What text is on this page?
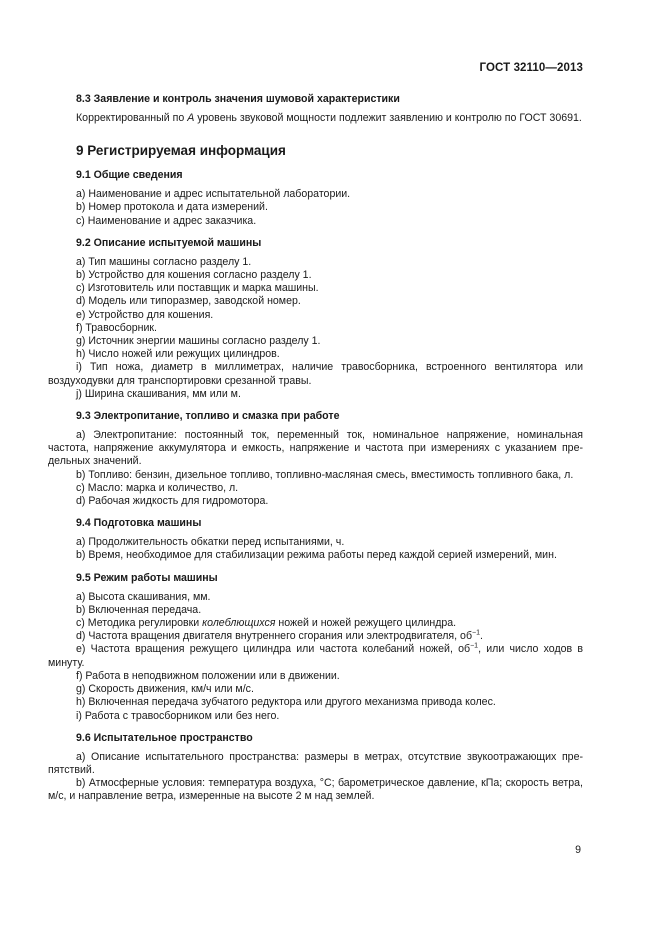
ГОСТ 32110—2013
8.3 Заявление и контроль значения шумовой характеристики

Корректированный по А уровень звуковой мощности подлежит заявлению и контролю по ГОСТ 30691.

9 Регистрируемая информация
9.1 Общие сведения

a) Наименование и адрес испытательной лаборатории.

b) Номер протокола и дата измерений.

c) Наименование и адрес заказчика.

9.2 Описание испытуемой машины

a) Тип машины согласно разделу 1.

b) Устройство для кошения согласно разделу 1.

c) Изготовитель или поставщик и марка машины.

d) Модель или типоразмер, заводской номер.

e) Устройство для кошения.

f) Травосборник.

g) Источник энергии машины согласно разделу 1.

h) Число ножей или режущих цилиндров.

i) Тип ножа, диаметр в миллиметрах, наличие травосборника, встроенного вентилятора или воздуходувки для транспортировки срезанной травы.

j) Ширина скашивания, мм или м.

9.3 Электропитание, топливо и смазка при работе

a) Электропитание: постоянный ток, переменный ток, номинальное напряжение, номинальная частота, напряжение аккумулятора и емкость, напряжение и частота при измерениях с указанием предельных значений.

b) Топливо: бензин, дизельное топливо, топливно-масляная смесь, вместимость топливного бака, л.

c) Масло: марка и количество, л.

d) Рабочая жидкость для гидромотора.

9.4 Подготовка машины

a) Продолжительность обкатки перед испытаниями, ч.

b) Время, необходимое для стабилизации режима работы перед каждой серией измерений, мин.

9.5 Режим работы машины

a) Высота скашивания, мм.

b) Включенная передача.

c) Методика регулировки колеблющихся ножей и ножей режущего цилиндра.

d) Частота вращения двигателя внутреннего сгорания или электродвигателя, $об^{-1}$.

e) Частота вращения режущего цилиндра или частота колебаний ножей, $об^{-1}$, или число ходов в минуту.

f) Работа в неподвижном положении или в движении.

g) Скорость движения, км/ч или м/с.

h) Включенная передача зубчатого редуктора или другого механизма привода колес.

i) Работа с травосборником или без него.

9.6 Испытательное пространство

a) Описание испытательного пространства: размеры в метрах, отсутствие звукоотражающих препятствий.

b) Атмосферные условия: температура воздуха, °С; барометрическое давление, кПа; скорость ветра, м/с, и направление ветра, измеренные на высоте 2 м над землей.

9
